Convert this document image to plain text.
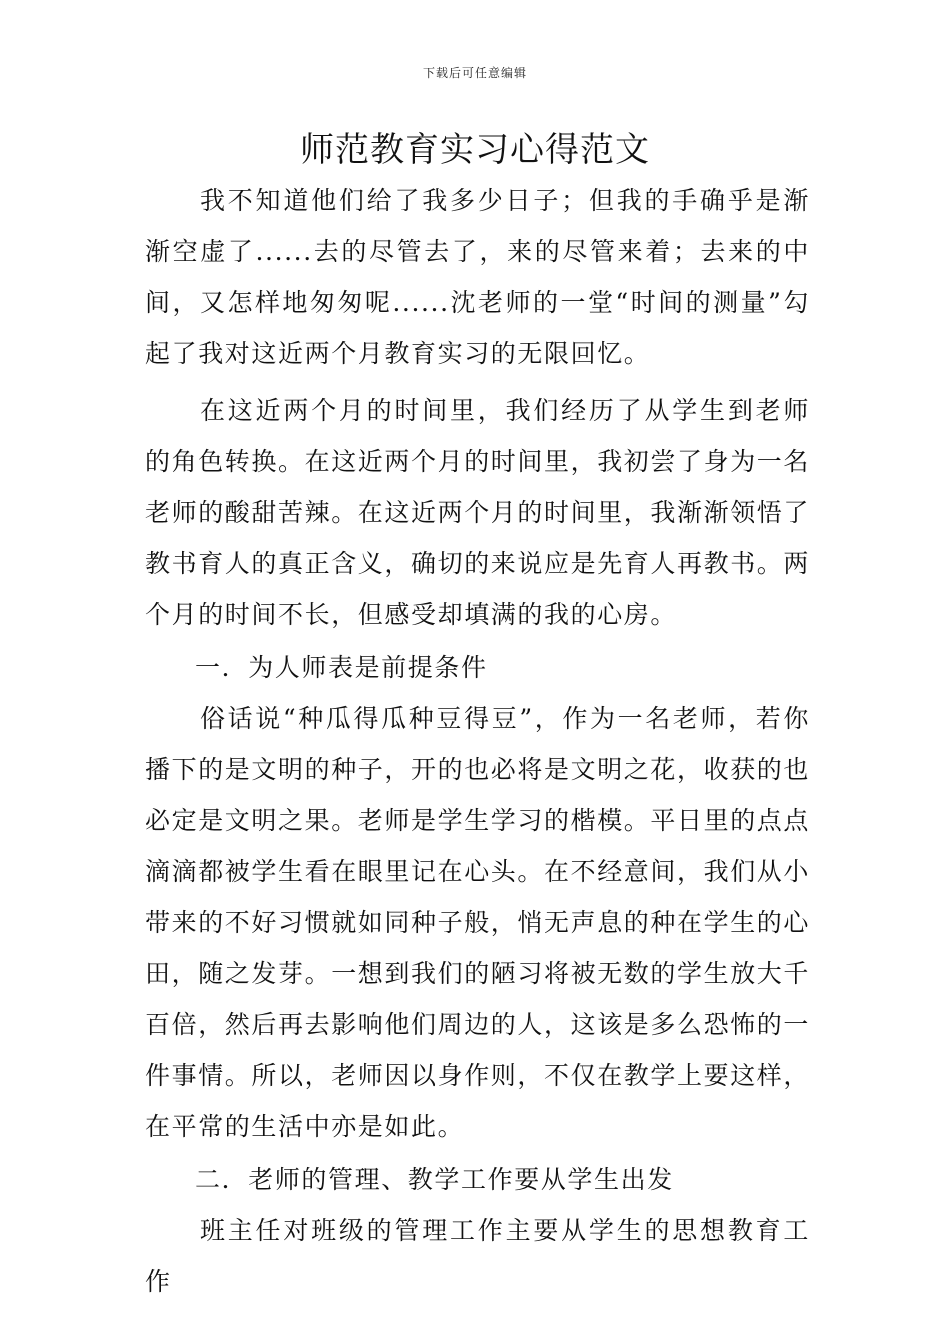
下载后可任意编辑
师范教育实习心得范文

我不知道他们给了我多少日子；但我的手确乎是渐渐空虚了......去的尽管去了，来的尽管来着；去来的中间，又怎样地匆匆呢......沈老师的一堂“时间的测量”勾起了我对这近两个月教育实习的无限回忆。

在这近两个月的时间里，我们经历了从学生到老师的角色转换。在这近两个月的时间里，我初尝了身为一名老师的酸甜苦辣。在这近两个月的时间里，我渐渐领悟了教书育人的真正含义，确切的来说应是先育人再教书。两个月的时间不长，但感受却填满的我的心房。

一．为人师表是前提条件

俗话说“种瓜得瓜种豆得豆”，作为一名老师，若你播下的是文明的种子，开的也必将是文明之花，收获的也必定是文明之果。老师是学生学习的楷模。平日里的点点滴滴都被学生看在眼里记在心头。在不经意间，我们从小带来的不好习惯就如同种子般，悄无声息的种在学生的心田，随之发芽。一想到我们的陋习将被无数的学生放大千百倍，然后再去影响他们周边的人，这该是多么恐怖的一件事情。所以，老师因以身作则，不仅在教学上要这样，在平常的生活中亦是如此。

二．老师的管理、教学工作要从学生出发

班主任对班级的管理工作主要从学生的思想教育工作
